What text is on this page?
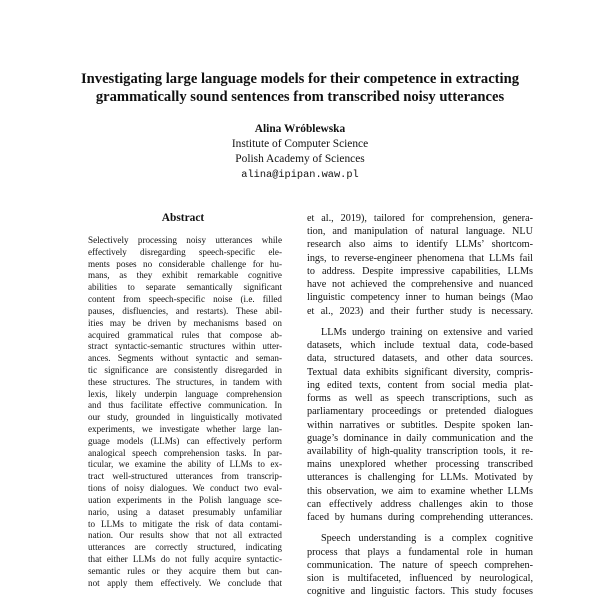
Investigating large language models for their competence in extracting
grammatically sound sentences from transcribed noisy utterances
Alina Wróblewska
Institute of Computer Science
Polish Academy of Sciences
alina@ipipan.waw.pl
Abstract
Selectively processing noisy utterances while
effectively disregarding speech-specific ele-
ments poses no considerable challenge for hu-
mans, as they exhibit remarkable cognitive
abilities to separate semantically significant
content from speech-specific noise (i.e. filled
pauses, disfluencies, and restarts). These abil-
ities may be driven by mechanisms based on
acquired grammatical rules that compose ab-
stract syntactic-semantic structures within utter-
ances. Segments without syntactic and seman-
tic significance are consistently disregarded in
these structures. The structures, in tandem with
lexis, likely underpin language comprehension
and thus facilitate effective communication. In
our study, grounded in linguistically motivated
experiments, we investigate whether large lan-
guage models (LLMs) can effectively perform
analogical speech comprehension tasks. In par-
ticular, we examine the ability of LLMs to ex-
tract well-structured utterances from transcrip-
tions of noisy dialogues. We conduct two eval-
uation experiments in the Polish language sce-
nario, using a dataset presumably unfamiliar
to LLMs to mitigate the risk of data contami-
nation. Our results show that not all extracted
utterances are correctly structured, indicating
that either LLMs do not fully acquire syntactic-
semantic rules or they acquire them but can-
not apply them effectively. We conclude that
et al., 2019), tailored for comprehension, genera-
tion, and manipulation of natural language. NLU
research also aims to identify LLMs’ shortcom-
ings, to reverse-engineer phenomena that LLMs fail
to address. Despite impressive capabilities, LLMs
have not achieved the comprehensive and nuanced
linguistic competency inner to human beings (Mao
et al., 2023) and their further study is necessary.
LLMs undergo training on extensive and varied
datasets, which include textual data, code-based
data, structured datasets, and other data sources.
Textual data exhibits significant diversity, compris-
ing edited texts, content from social media plat-
forms as well as speech transcriptions, such as
parliamentary proceedings or pretended dialogues
within narratives or subtitles. Despite spoken lan-
guage’s dominance in daily communication and the
availability of high-quality transcription tools, it re-
mains unexplored whether processing transcribed
utterances is challenging for LLMs. Motivated by
this observation, we aim to examine whether LLMs
can effectively address challenges akin to those
faced by humans during comprehending utterances.
Speech understanding is a complex cognitive
process that plays a fundamental role in human
communication. The nature of speech comprehen-
sion is multifaceted, influenced by neurological,
cognitive and linguistic factors. This study focuses
